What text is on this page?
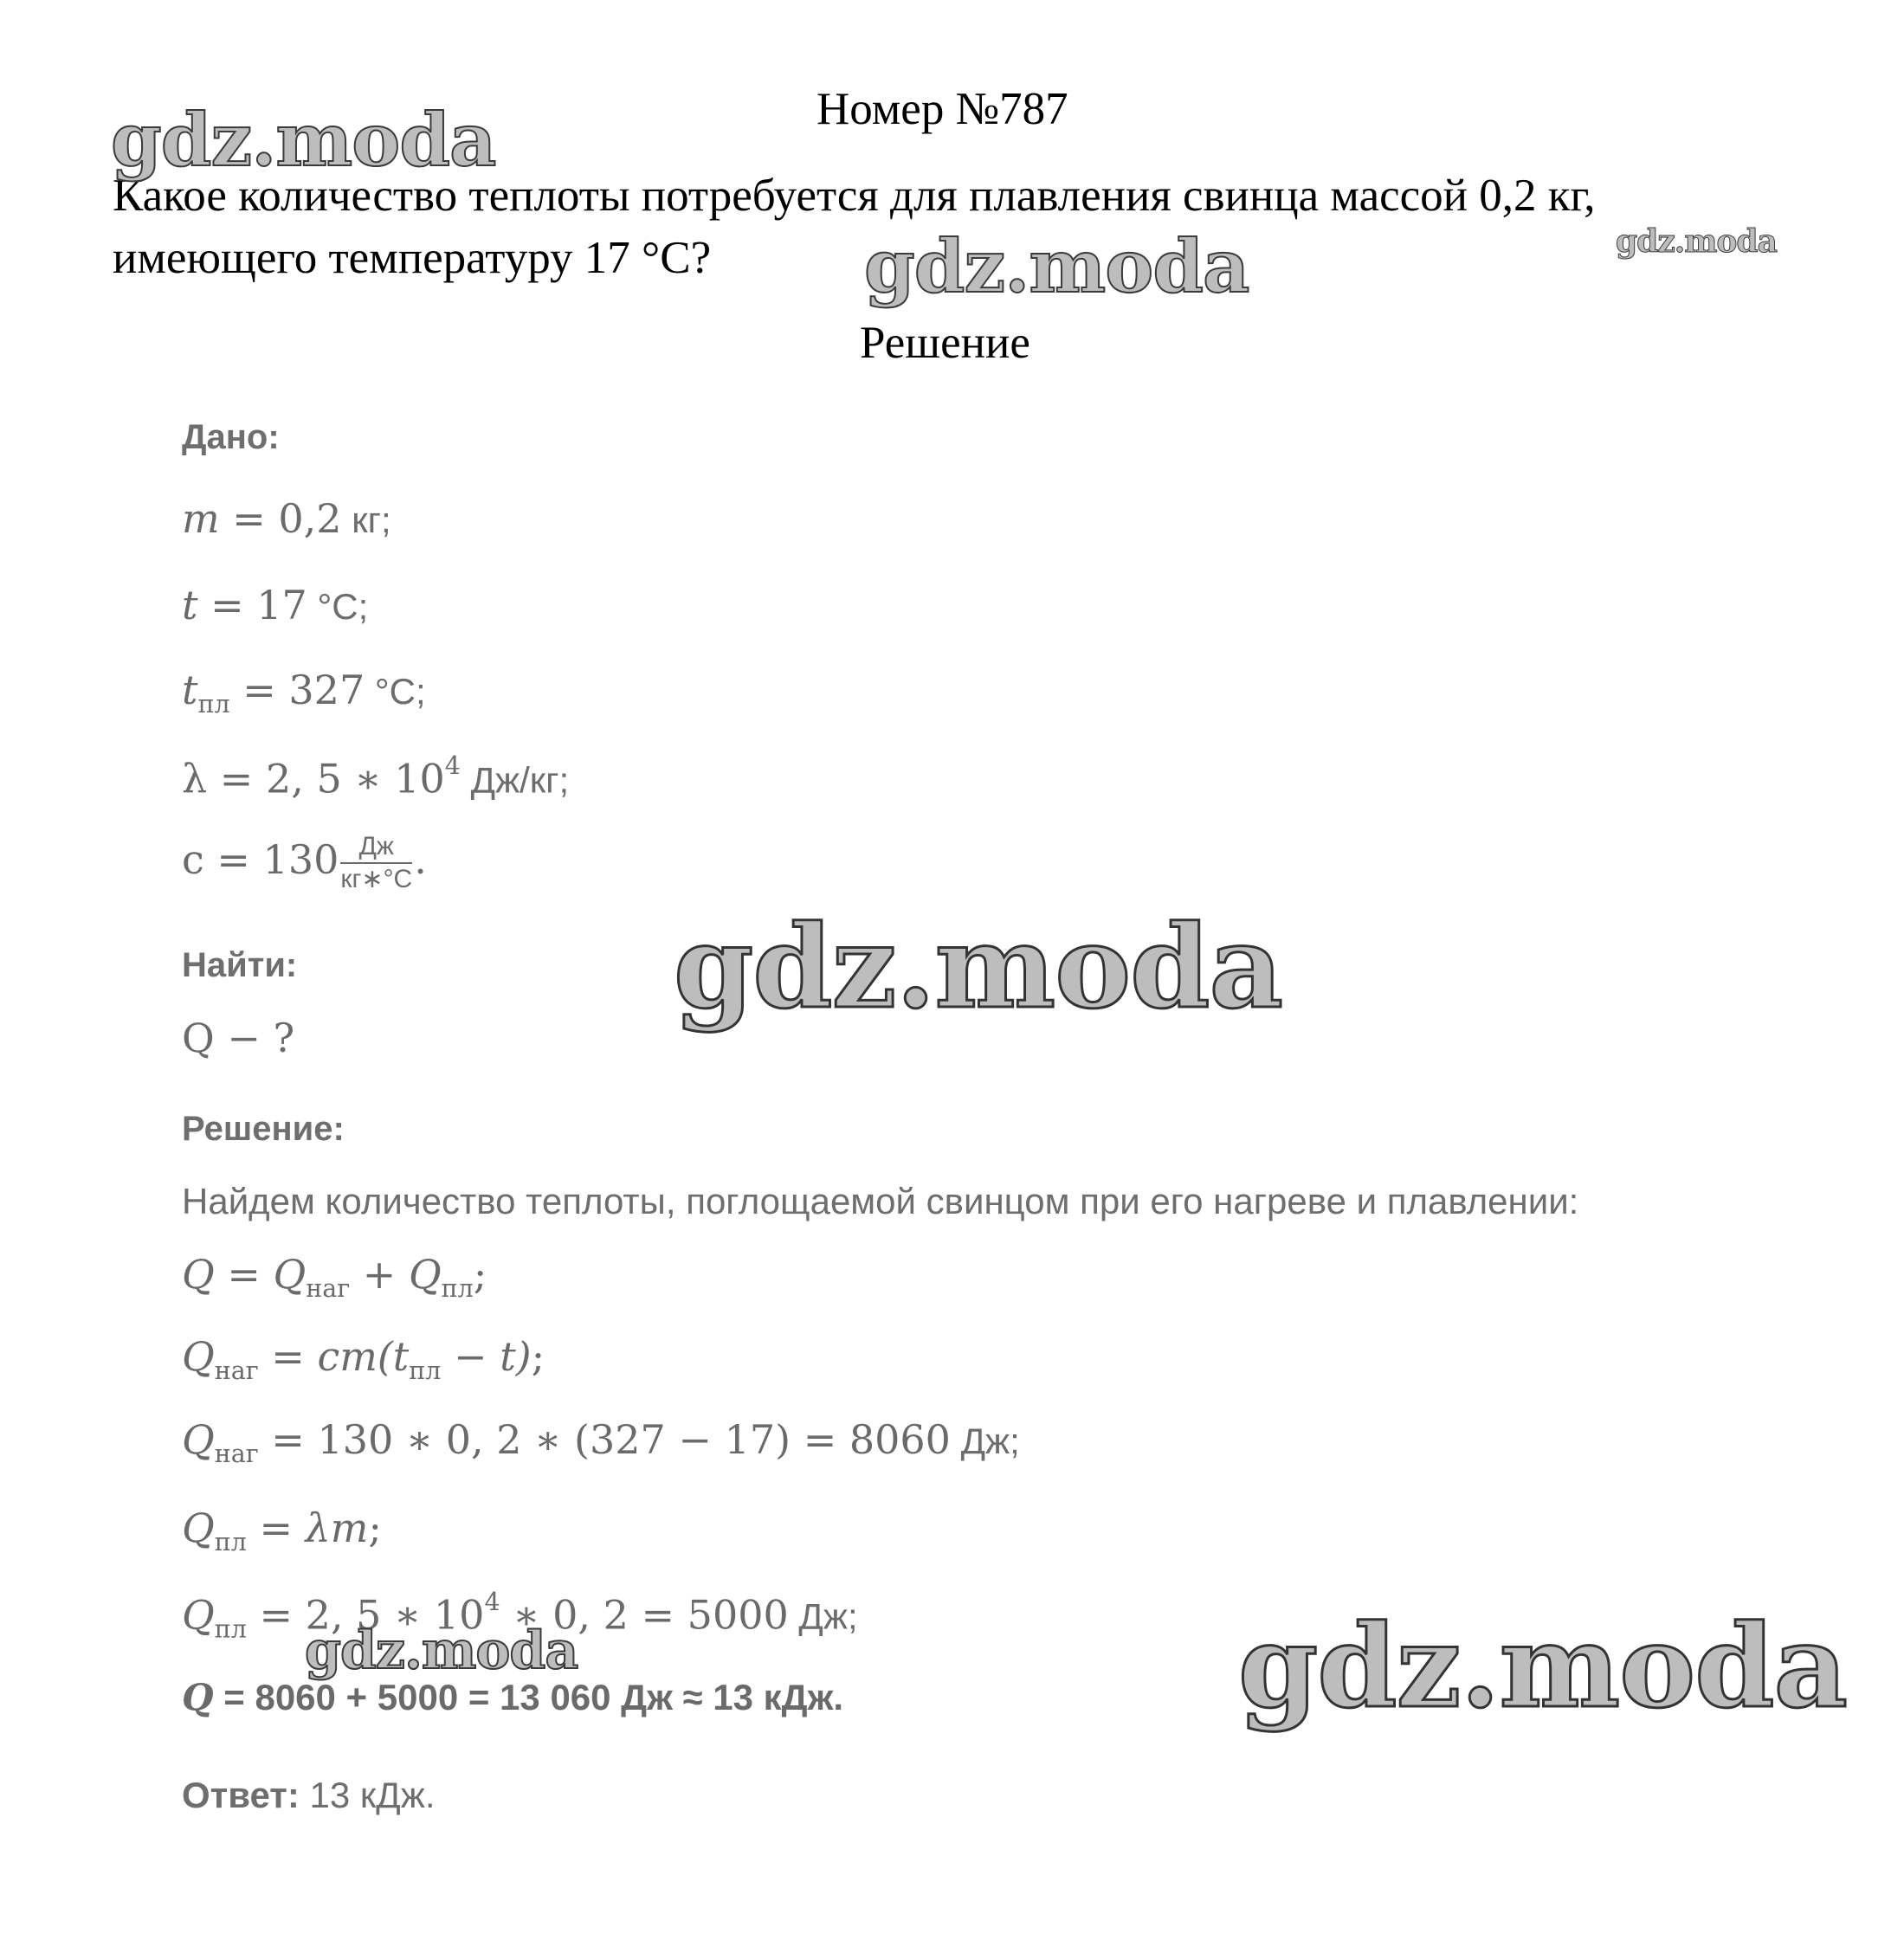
Номер №787
Какое количество теплоты потребуется для плавления свинца массой 0,2 кг,
имеющего температуру 17 °С?
Решение
Дано:
m = 0,2 кг;
t = 17 °C;
$t_{пл} = 327$ °C;
λ = 2, 5 ∗ $10^4$ Дж/кг;
$c = 130 \frac{Дж}{кг∗^\circ С}$ .
Найти:
Q − ?
Решение:
Найдем количество теплоты, поглощаемой свинцом при его нагреве и плавлении:
$Q = Q_{наг} + Q_{пл}$;
$Q_{наг} = cm(t_{пл} - t)$;
$Q_{наг} = 130$ ∗ 0, 2 ∗ (327 − 17) = 8060 Дж;
$Q_{пл} = \lambda m$;
$Q_{пл} = 2$, 5 ∗ $10^4$ ∗ 0, 2 = 5000 Дж;
Q = 8060 + 5000 = 13 060 Дж ≈ 13 кДж.
Ответ: 13 кДж.
gdz.moda
gdz.moda	gdz.moda
gdz.moda
gdz.moda	gdz.moda
